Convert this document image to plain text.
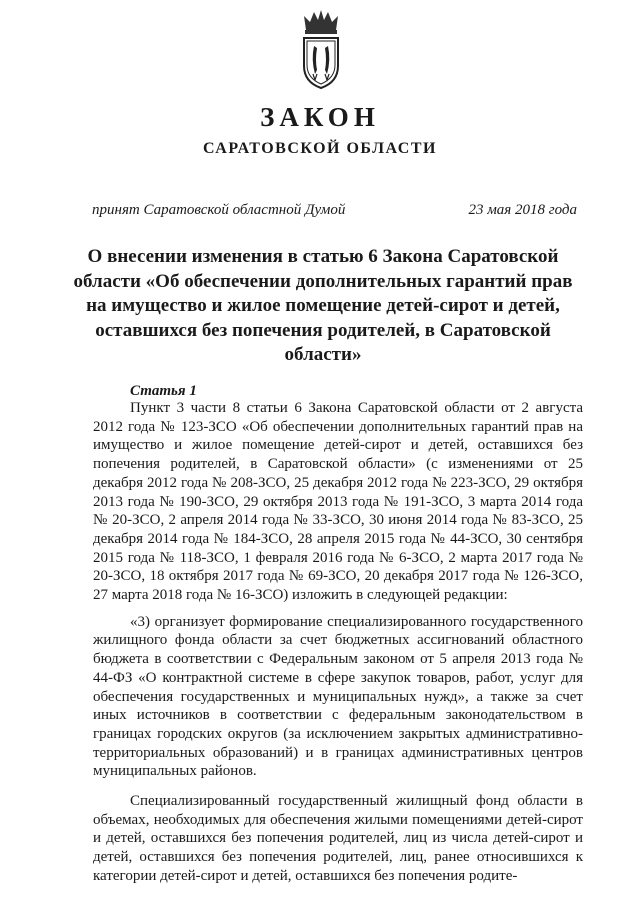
ЗАКОН
САРАТОВСКОЙ ОБЛАСТИ
принят Саратовской областной Думой	23 мая 2018 года
О внесении изменения в статью 6 Закона Саратовской области «Об обеспечении дополнительных гарантий прав на имущество и жилое помещение детей-сирот и детей, оставшихся без попечения родителей, в Саратовской области»
Статья 1

Пункт 3 части 8 статьи 6 Закона Саратовской области от 2 августа 2012 года № 123-ЗСО «Об обеспечении дополнительных гарантий прав на имущество и жилое помещение детей-сирот и детей, оставшихся без попечения родителей, в Саратовской области» (с изменениями от 25 декабря 2012 года № 208-ЗСО, 25 декабря 2012 года № 223-ЗСО, 29 октября 2013 года № 190-ЗСО, 29 октября 2013 года № 191-ЗСО, 3 марта 2014 года № 20-ЗСО, 2 апреля 2014 года № 33-ЗСО, 30 июня 2014 года № 83-ЗСО, 25 декабря 2014 года № 184-ЗСО, 28 апреля 2015 года № 44-ЗСО, 30 сентября 2015 года № 118-ЗСО, 1 февраля 2016 года № 6-ЗСО, 2 марта 2017 года № 20-ЗСО, 18 октября 2017 года № 69-ЗСО, 20 декабря 2017 года № 126-ЗСО, 27 марта 2018 года № 16-ЗСО) изложить в следующей редакции:

«3) организует формирование специализированного государственного жилищного фонда области за счет бюджетных ассигнований областного бюджета в соответствии с Федеральным законом от 5 апреля 2013 года № 44-ФЗ «О контрактной системе в сфере закупок товаров, работ, услуг для обеспечения государственных и муниципальных нужд», а также за счет иных источников в соответствии с федеральным законодательством в границах городских округов (за исключением закрытых административно-территориальных образований) и в границах административных центров муниципальных районов.

Специализированный государственный жилищный фонд области в объемах, необходимых для обеспечения жилыми помещениями детей-сирот и детей, оставшихся без попечения родителей, лиц из числа детей-сирот и детей, оставшихся без попечения родителей, лиц, ранее относившихся к категории детей-сирот и детей, оставшихся без попечения родите-
